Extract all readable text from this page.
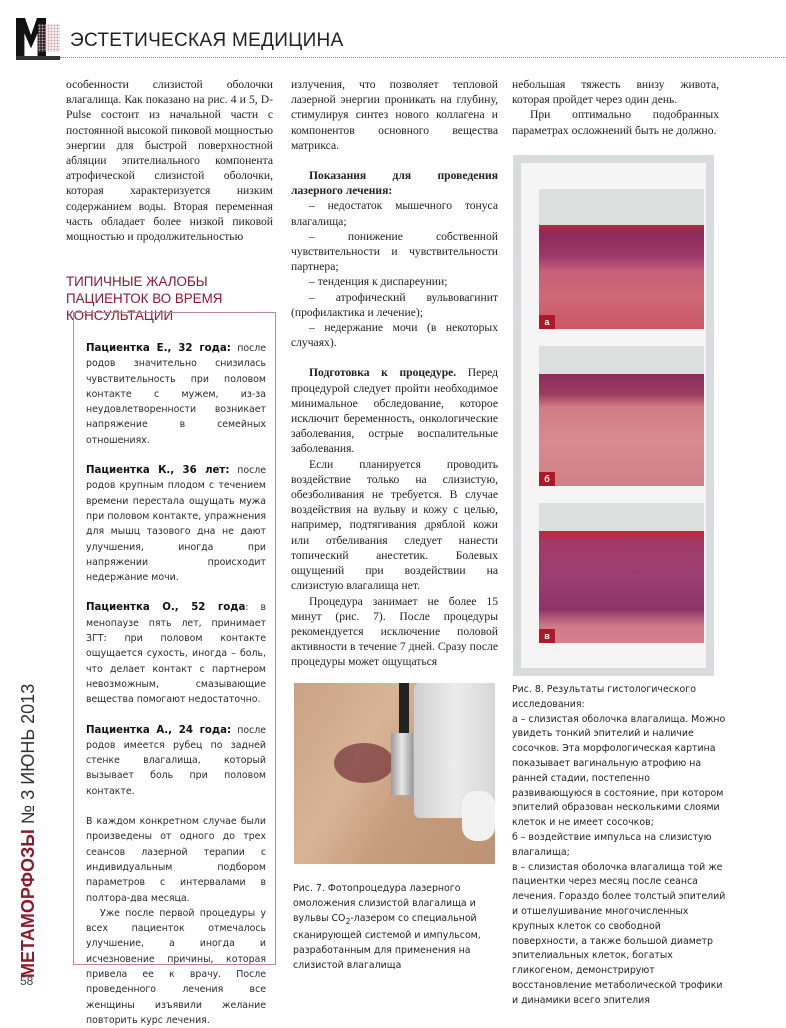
ЭСТЕТИЧЕСКАЯ МЕДИЦИНА

особенности слизистой оболочки влагалища. Как показано на рис. 4 и 5, D-Pulse состоит из начальной части с постоянной высокой пиковой мощностью энергии для быстрой поверхностной абляции эпителиального компонента атрофической слизистой оболочки, которая характеризуется низким содержанием воды. Вторая переменная часть обладает более низкой пиковой мощностью и продолжительностью

ТИПИЧНЫЕ ЖАЛОБЫ ПАЦИЕНТОК ВО ВРЕМЯ КОНСУЛЬТАЦИИ

Пациентка Е., 32 года: после родов значительно снизилась чувствительность при половом контакте с мужем, из-за неудовлетворенности возникает напряжение в семейных отношениях.

Пациентка К., 36 лет: после родов крупным плодом с течением времени перестала ощущать мужа при половом контакте, упражнения для мышц тазового дна не дают улучшения, иногда при напряжении происходит недержание мочи.

Пациентка О., 52 года: в менопаузе пять лет, принимает ЗГТ: при половом контакте ощущается сухость, иногда – боль, что делает контакт с партнером невозможным, смазывающие вещества помогают недостаточно.

Пациентка А., 24 года: после родов имеется рубец по задней стенке влагалища, который вызывает боль при половом контакте.

В каждом конкретном случае были произведены от одного до трех сеансов лазерной терапии с индивидуальным подбором параметров с интервалами в полтора-два месяца.

Уже после первой процедуры у всех пациенток отмечалось улучшение, а иногда и исчезновение причины, которая привела ее к врачу. После проведенного лечения все женщины изъявили желание повторить курс лечения.

МЕТАМОРФОЗЫ № 3 ИЮНЬ 2013
58

излучения, что позволяет тепловой лазерной энергии проникать на глубину, стимулируя синтез нового коллагена и компонентов основного вещества матрикса.

Показания для проведения лазерного лечения:

– недостаток мышечного тонуса влагалища;

– понижение собственной чувствительности и чувствительности партнера;

– тенденция к диспареунии;

– атрофический вульвовагинит (профилактика и лечение);

– недержание мочи (в некоторых случаях).

Подготовка к процедуре. Перед процедурой следует пройти необходимое минимальное обследование, которое исключит беременность, онкологические заболевания, острые воспалительные заболевания.

Если планируется проводить воздействие только на слизистую, обезболивания не требуется. В случае воздействия на вульву и кожу с целью, например, подтягивания дряблой кожи или отбеливания следует нанести топический анестетик. Болевых ощущений при воздействии на слизистую влагалища нет.

Процедура занимает не более 15 минут (рис. 7). После процедуры рекомендуется исключение половой активности в течение 7 дней. Сразу после процедуры может ощущаться

небольшая тяжесть внизу живота, которая пройдет через один день.

При оптимально подобранных параметрах осложнений быть не должно.

а
б
в
Рис. 7. Фотопроцедура лазерного омоложения слизистой влагалища и вульвы $CO_2$-лазером со специальной сканирующей системой и импульсом, разработанным для применения на слизистой влагалища
Рис. 8. Результаты гистологического исследования:
а – слизистая оболочка влагалища. Можно увидеть тонкий эпителий и наличие сосочков. Эта морфологическая картина показывает вагинальную атрофию на ранней стадии, постепенно развивающуюся в состояние, при котором эпителий образован несколькими слоями клеток и не имеет сосочков;
б – воздействие импульса на слизистую влагалища;
в – слизистая оболочка влагалища той же пациентки через месяц после сеанса лечения. Гораздо более толстый эпителий и отшелушивание многочисленных крупных клеток со свободной поверхности, а также большой диаметр эпителиальных клеток, богатых гликогеном, демонстрируют восстановление метаболической трофики и динамики всего эпителия
